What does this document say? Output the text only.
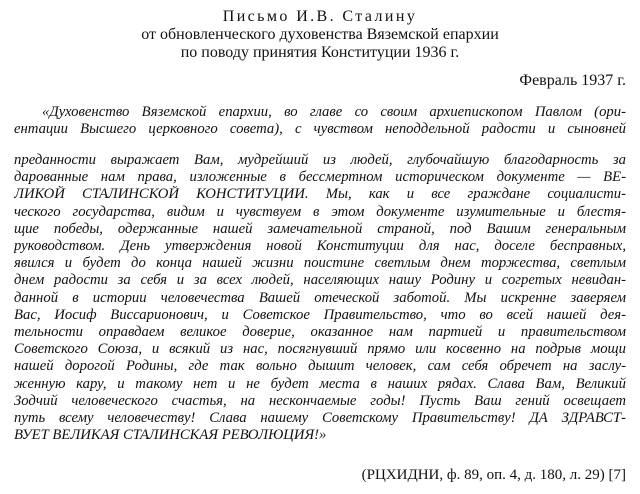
Письмо И.В. Сталину

от обновленческого духовенства Вяземской епархии

по поводу принятия Конституции 1936 г.

Февраль 1937 г.
«Духовенство Вяземской епархии, во главе со своим архиепископом Павлом (ори-
ентации Высшего церковного совета), с чувством неподдельной радости и сыновней
преданности выражает Вам, мудрейший из людей, глубочайшую благодарность за
дарованные нам права, изложенные в бессмертном историческом документе — ВЕ-
ЛИКОЙ СТАЛИНСКОЙ КОНСТИТУЦИИ. Мы, как и все граждане социалисти-
ческого государства, видим и чувствуем в этом документе изумительные и блестя-
щие победы, одержанные нашей замечательной страной, под Вашим генеральным
руководством. День утверждения новой Конституции для нас, доселе бесправных,
явился и будет до конца нашей жизни поистине светлым днем торжества, светлым
днем радости за себя и за всех людей, населяющих нашу Родину и согретых невидан-
данной в истории человечества Вашей отеческой заботой. Мы искренне заверяем
Вас, Иосиф Виссарионович, и Советское Правительство, что во всей нашей дея-
тельности оправдаем великое доверие, оказанное нам партией и правительством
Советского Союза, и всякий из нас, посягнувший прямо или косвенно на подрыв мощи
нашей дорогой Родины, где так вольно дышит человек, сам себя обречет на заслу-
женную кару, и такому нет и не будет места в наших рядах. Слава Вам, Великий
Зодчий человеческого счастья, на нескончаемые годы! Пусть Ваш гений освещает
путь всему человечеству! Слава нашему Советскому Правительству! ДА ЗДРАВСТ-
ВУЕТ ВЕЛИКАЯ СТАЛИНСКАЯ РЕВОЛЮЦИЯ!»
(РЦХИДНИ, ф. 89, оп. 4, д. 180, л. 29) [7]
